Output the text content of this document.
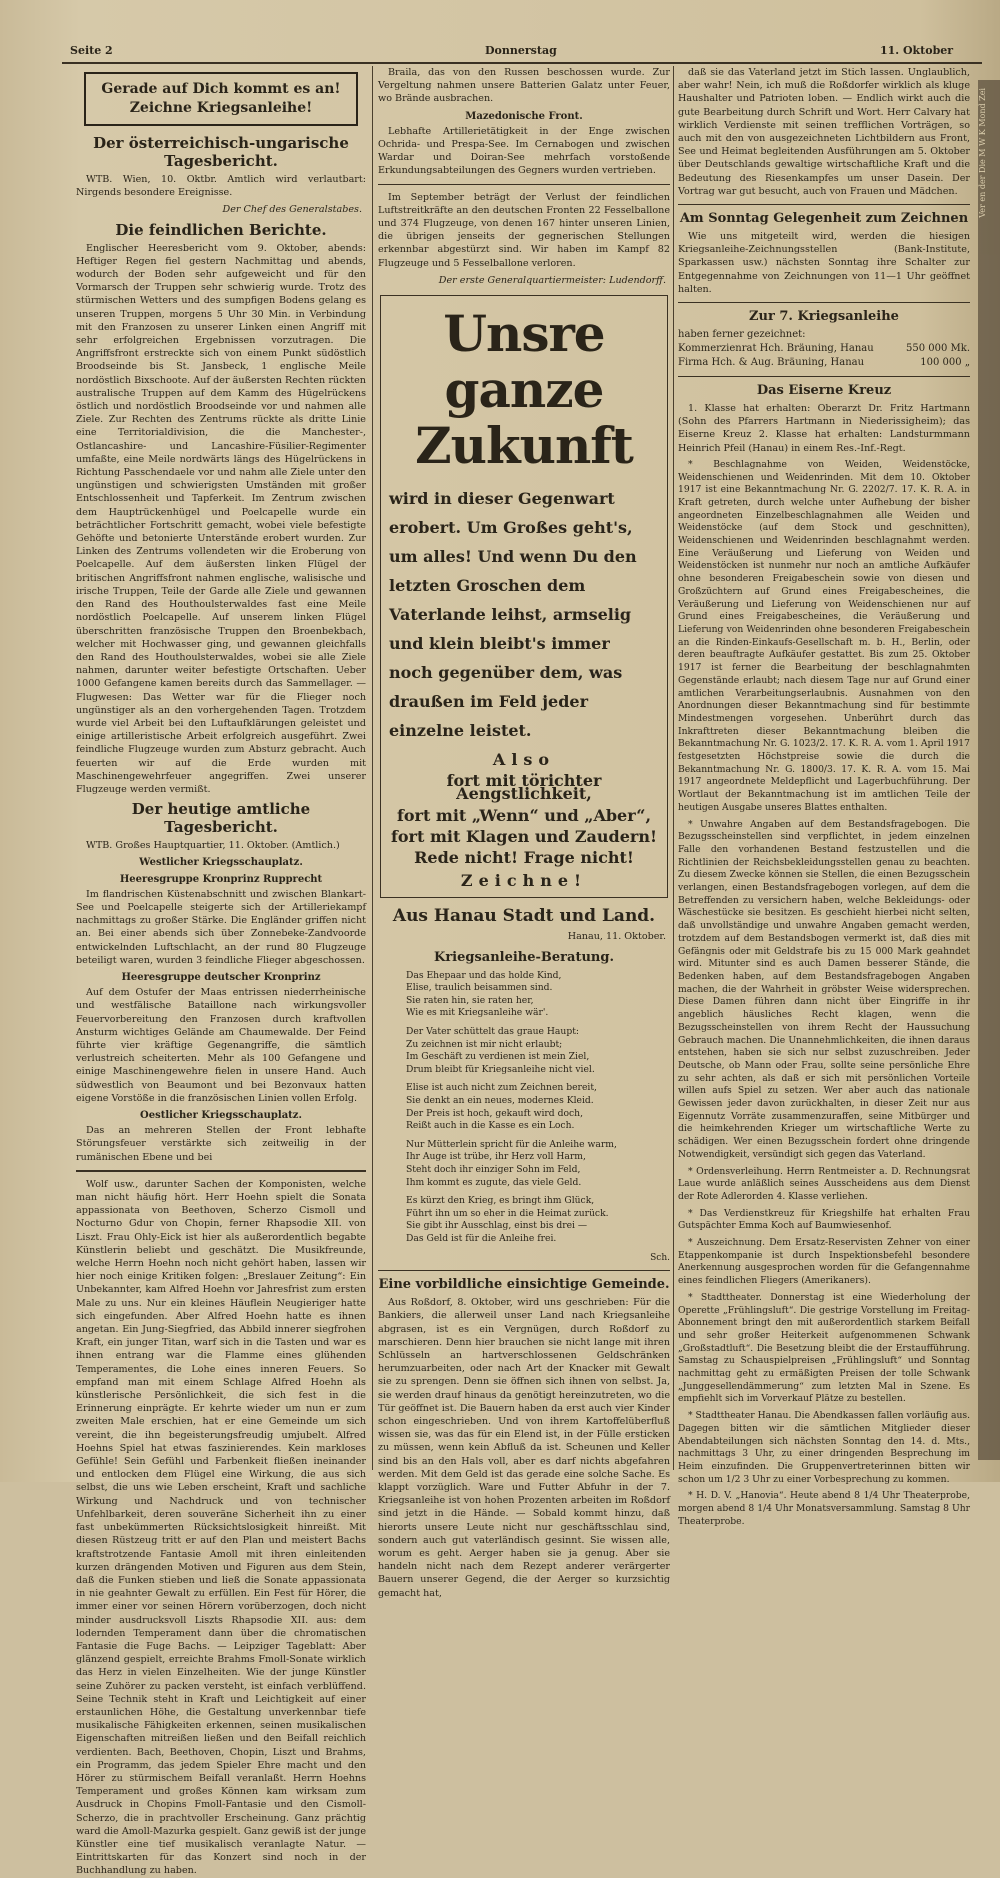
Seite 2	Donnerstag	11. Oktober
Gerade auf Dich kommt es an!
Zeichne Kriegsanleihe!
Der österreichisch-ungarische Tagesbericht.

WTB. Wien, 10. Oktbr. Amtlich wird verlautbart: Nirgends besondere Ereignisse.

Der Chef des Generalstabes.
Die feindlichen Berichte.

Englischer Heeresbericht vom 9. Oktober, abends: Heftiger Regen fiel gestern Nachmittag und abends, wodurch der Boden sehr aufgeweicht und für den Vormarsch der Truppen sehr schwierig wurde. Trotz des stürmischen Wetters und des sumpfigen Bodens gelang es unseren Truppen, morgens 5 Uhr 30 Min. in Verbindung mit den Franzosen zu unserer Linken einen Angriff mit sehr erfolgreichen Ergebnissen vorzutragen. Die Angriffsfront erstreckte sich von einem Punkt südöstlich Broodseinde bis St. Jansbeck, 1 englische Meile nordöstlich Bixschoote. Auf der äußersten Rechten rückten australische Truppen auf dem Kamm des Hügelrückens östlich und nordöstlich Broodseinde vor und nahmen alle Ziele. Zur Rechten des Zentrums rückte als dritte Linie eine Territorialdivision, die die Manchester-, Ostlancashire- und Lancashire-Füsilier-Regimenter umfaßte, eine Meile nordwärts längs des Hügelrückens in Richtung Passchendaele vor und nahm alle Ziele unter den ungünstigen und schwierigsten Umständen mit großer Entschlossenheit und Tapferkeit. Im Zentrum zwischen dem Hauptrückenhügel und Poelcapelle wurde ein beträchtlicher Fortschritt gemacht, wobei viele befestigte Gehöfte und betonierte Unterstände erobert wurden. Zur Linken des Zentrums vollendeten wir die Eroberung von Poelcapelle. Auf dem äußersten linken Flügel der britischen Angriffsfront nahmen englische, walisische und irische Truppen, Teile der Garde alle Ziele und gewannen den Rand des Houthoulsterwaldes fast eine Meile nordöstlich Poelcapelle. Auf unserem linken Flügel überschritten französische Truppen den Broenbekbach, welcher mit Hochwasser ging, und gewannen gleichfalls den Rand des Houthoulsterwaldes, wobei sie alle Ziele nahmen, darunter weiter befestigte Ortschaften. Ueber 1000 Gefangene kamen bereits durch das Sammellager. — Flugwesen: Das Wetter war für die Flieger noch ungünstiger als an den vorhergehenden Tagen. Trotzdem wurde viel Arbeit bei den Luftaufklärungen geleistet und einige artilleristische Arbeit erfolgreich ausgeführt. Zwei feindliche Flugzeuge wurden zum Absturz gebracht. Auch feuerten wir auf die Erde wurden mit Maschinengewehrfeuer angegriffen. Zwei unserer Flugzeuge werden vermißt.

Der heutige amtliche Tagesbericht.

WTB. Großes Hauptquartier, 11. Oktober. (Amtlich.)

Westlicher Kriegsschauplatz.
Heeresgruppe Kronprinz Rupprecht

Im flandrischen Küstenabschnitt und zwischen Blankart-See und Poelcapelle steigerte sich der Artilleriekampf nachmittags zu großer Stärke. Die Engländer griffen nicht an. Bei einer abends sich über Zonnebeke-Zandvoorde entwickelnden Luftschlacht, an der rund 80 Flugzeuge beteiligt waren, wurden 3 feindliche Flieger abgeschossen.

Heeresgruppe deutscher Kronprinz

Auf dem Ostufer der Maas entrissen niederrheinische und westfälische Bataillone nach wirkungsvoller Feuervorbereitung den Franzosen durch kraftvollen Ansturm wichtiges Gelände am Chaumewalde. Der Feind führte vier kräftige Gegenangriffe, die sämtlich verlustreich scheiterten. Mehr als 100 Gefangene und einige Maschinengewehre fielen in unsere Hand. Auch südwestlich von Beaumont und bei Bezonvaux hatten eigene Vorstöße in die französischen Linien vollen Erfolg.

Oestlicher Kriegsschauplatz.

Das an mehreren Stellen der Front lebhafte Störungsfeuer verstärkte sich zeitweilig in der rumänischen Ebene und bei

Wolf usw., darunter Sachen der Komponisten, welche man nicht häufig hört. Herr Hoehn spielt die Sonata appassionata von Beethoven, Scherzo Cismoll und Nocturno Gdur von Chopin, ferner Rhapsodie XII. von Liszt. Frau Ohly-Eick ist hier als außerordentlich begabte Künstlerin beliebt und geschätzt. Die Musikfreunde, welche Herrn Hoehn noch nicht gehört haben, lassen wir hier noch einige Kritiken folgen: „Breslauer Zeitung“: Ein Unbekannter, kam Alfred Hoehn vor Jahresfrist zum ersten Male zu uns. Nur ein kleines Häuflein Neugieriger hatte sich eingefunden. Aber Alfred Hoehn hatte es ihnen angetan. Ein Jung-Siegfried, das Abbild innerer siegfrohen Kraft, ein junger Titan, warf sich in die Tasten und war es ihnen entrang war die Flamme eines glühenden Temperamentes, die Lohe eines inneren Feuers. So empfand man mit einem Schlage Alfred Hoehn als künstlerische Persönlichkeit, die sich fest in die Erinnerung einprägte. Er kehrte wieder um nun er zum zweiten Male erschien, hat er eine Gemeinde um sich vereint, die ihn begeisterungsfreudig umjubelt. Alfred Hoehns Spiel hat etwas faszinierendes. Kein markloses Gefühle! Sein Gefühl und Farbenkeit fließen ineinander und entlocken dem Flügel eine Wirkung, die aus sich selbst, die uns wie Leben erscheint, Kraft und sachliche Wirkung und Nachdruck und von technischer Unfehlbarkeit, deren souveräne Sicherheit ihn zu einer fast unbekümmerten Rücksichtslosigkeit hinreißt. Mit diesen Rüstzeug tritt er auf den Plan und meistert Bachs kraftstrotzende Fantasie Amoll mit ihren einleitenden kurzen drängenden Motiven und Figuren aus dem Stein, daß die Funken stieben und ließ die Sonate appassionata in nie geahnter Gewalt zu erfüllen. Ein Fest für Hörer, die immer einer vor seinen Hörern vorüberzogen, doch nicht minder ausdrucksvoll Liszts Rhapsodie XII. aus: dem lodernden Temperament dann über die chromatischen Fantasie die Fuge Bachs. — Leipziger Tageblatt: Aber glänzend gespielt, erreichte Brahms Fmoll-Sonate wirklich das Herz in vielen Einzelheiten. Wie der junge Künstler seine Zuhörer zu packen versteht, ist einfach verblüffend. Seine Technik steht in Kraft und Leichtigkeit auf einer erstaunlichen Höhe, die Gestaltung unverkennbar tiefe musikalische Fähigkeiten erkennen, seinen musikalischen Eigenschaften mitreißen ließen und den Beifall reichlich verdienten. Bach, Beethoven, Chopin, Liszt und Brahms, ein Programm, das jedem Spieler Ehre macht und den Hörer zu stürmischem Beifall veranlaßt. Herrn Hoehns Temperament und großes Können kam wirksam zum Ausdruck in Chopins Fmoll-Fantasie und den Cismoll-Scherzo, die in prachtvoller Erscheinung. Ganz prächtig ward die Amoll-Mazurka gespielt. Ganz gewiß ist der junge Künstler eine tief musikalisch veranlagte Natur. — Eintrittskarten für das Konzert sind noch in der Buchhandlung zu haben.

Braila, das von den Russen beschossen wurde. Zur Vergeltung nahmen unsere Batterien Galatz unter Feuer, wo Brände ausbrachen.

Mazedonische Front.

Lebhafte Artillerietätigkeit in der Enge zwischen Ochrida- und Prespa-See. Im Cernabogen und zwischen Wardar und Doiran-See mehrfach vorstoßende Erkundungsabteilungen des Gegners wurden vertrieben.

Im September beträgt der Verlust der feindlichen Luftstreitkräfte an den deutschen Fronten 22 Fesselballone und 374 Flugzeuge, von denen 167 hinter unseren Linien, die übrigen jenseits der gegnerischen Stellungen erkennbar abgestürzt sind. Wir haben im Kampf 82 Flugzeuge und 5 Fesselballone verloren.

Der erste Generalquartiermeister: Ludendorff.
Unsre ganze
Zukunft
wird in dieser Gegenwart erobert. Um Großes geht's, um alles! Und wenn Du den letzten Groschen dem Vaterlande leihst, armselig und klein bleibt's immer noch gegenüber dem, was draußen im Feld jeder einzelne leistet.
Also
fort mit törichter Aengstlichkeit,
fort mit „Wenn“ und „Aber“,
fort mit Klagen und Zaudern!
Rede nicht! Frage nicht!
Zeichne!
Aus Hanau Stadt und Land.
Hanau, 11. Oktober.
Kriegsanleihe-Beratung.
Das Ehepaar und das holde Kind,
Elise, traulich beisammen sind.
Sie raten hin, sie raten her,
Wie es mit Kriegsanleihe wär'.
Der Vater schüttelt das graue Haupt:
Zu zeichnen ist mir nicht erlaubt;
Im Geschäft zu verdienen ist mein Ziel,
Drum bleibt für Kriegsanleihe nicht viel.
Elise ist auch nicht zum Zeichnen bereit,
Sie denkt an ein neues, modernes Kleid.
Der Preis ist hoch, gekauft wird doch,
Reißt auch in die Kasse es ein Loch.
Nur Mütterlein spricht für die Anleihe warm,
Ihr Auge ist trübe, ihr Herz voll Harm,
Steht doch ihr einziger Sohn im Feld,
Ihm kommt es zugute, das viele Geld.
Es kürzt den Krieg, es bringt ihm Glück,
Führt ihn um so eher in die Heimat zurück.
Sie gibt ihr Ausschlag, einst bis drei —
Das Geld ist für die Anleihe frei.
Sch.
Eine vorbildliche einsichtige Gemeinde.

Aus Roßdorf, 8. Oktober, wird uns geschrieben: Für die Bankiers, die allerweil unser Land nach Kriegsanleihe abgrasen, ist es ein Vergnügen, durch Roßdorf zu marschieren. Denn hier brauchen sie nicht lange mit ihren Schlüsseln an hartverschlossenen Geldschränken herumzuarbeiten, oder nach Art der Knacker mit Gewalt sie zu sprengen. Denn sie öffnen sich ihnen von selbst. Ja, sie werden drauf hinaus da genötigt hereinzutreten, wo die Tür geöffnet ist. Die Bauern haben da erst auch vier Kinder schon eingeschrieben. Und von ihrem Kartoffelüberfluß wissen sie, was das für ein Elend ist, in der Fülle ersticken zu müssen, wenn kein Abfluß da ist. Scheunen und Keller sind bis an den Hals voll, aber es darf nichts abgefahren werden. Mit dem Geld ist das gerade eine solche Sache. Es klappt vorzüglich. Ware und Futter Abfuhr in der 7. Kriegsanleihe ist von hohen Prozenten arbeiten im Roßdorf sind jetzt in die Hände. — Sobald kommt hinzu, daß hierorts unsere Leute nicht nur geschäftsschlau sind, sondern auch gut vaterländisch gesinnt. Sie wissen alle, worum es geht. Aerger haben sie ja genug. Aber sie handeln nicht nach dem Rezept anderer verärgerter Bauern unserer Gegend, die der Aerger so kurzsichtig gemacht hat,

daß sie das Vaterland jetzt im Stich lassen. Unglaublich, aber wahr! Nein, ich muß die Roßdorfer wirklich als kluge Haushalter und Patrioten loben. — Endlich wirkt auch die gute Bearbeitung durch Schrift und Wort. Herr Calvary hat wirklich Verdienste mit seinen trefflichen Vorträgen, so auch mit den von ausgezeichneten Lichtbildern aus Front, See und Heimat begleitenden Ausführungen am 5. Oktober über Deutschlands gewaltige wirtschaftliche Kraft und die Bedeutung des Riesenkampfes um unser Dasein. Der Vortrag war gut besucht, auch von Frauen und Mädchen.

Am Sonntag Gelegenheit zum Zeichnen

Wie uns mitgeteilt wird, werden die hiesigen Kriegsanleihe-Zeichnungsstellen (Bank-Institute, Sparkassen usw.) nächsten Sonntag ihre Schalter zur Entgegennahme von Zeichnungen von 11—1 Uhr geöffnet halten.

Zur 7. Kriegsanleihe
haben ferner gezeichnet:
Kommerzienrat Hch. Bräuning, Hanau	550 000 Mk.
Firma Hch. & Aug. Bräuning, Hanau	100 000 „
Das Eiserne Kreuz

1. Klasse hat erhalten: Oberarzt Dr. Fritz Hartmann (Sohn des Pfarrers Hartmann in Niederissigheim); das Eiserne Kreuz 2. Klasse hat erhalten: Landsturmmann Heinrich Pfeil (Hanau) in einem Res.-Inf.-Regt.

* Beschlagnahme von Weiden, Weidenstöcke, Weidenschienen und Weidenrinden. Mit dem 10. Oktober 1917 ist eine Bekanntmachung Nr. G. 2202/7. 17. K. R. A. in Kraft getreten, durch welche unter Aufhebung der bisher angeordneten Einzelbeschlagnahmen alle Weiden und Weidenstöcke (auf dem Stock und geschnitten), Weidenschienen und Weidenrinden beschlagnahmt werden. Eine Veräußerung und Lieferung von Weiden und Weidenstöcken ist nunmehr nur noch an amtliche Aufkäufer ohne besonderen Freigabeschein sowie von diesen und Großzüchtern auf Grund eines Freigabescheines, die Veräußerung und Lieferung von Weidenschienen nur auf Grund eines Freigabescheines, die Veräußerung und Lieferung von Weidenrinden ohne besonderen Freigabeschein an die Rinden-Einkaufs-Gesellschaft m. b. H., Berlin, oder deren beauftragte Aufkäufer gestattet. Bis zum 25. Oktober 1917 ist ferner die Bearbeitung der beschlagnahmten Gegenstände erlaubt; nach diesem Tage nur auf Grund einer amtlichen Verarbeitungserlaubnis. Ausnahmen von den Anordnungen dieser Bekanntmachung sind für bestimmte Mindestmengen vorgesehen. Unberührt durch das Inkrafttreten dieser Bekanntmachung bleiben die Bekanntmachung Nr. G. 1023/2. 17. K. R. A. vom 1. April 1917 festgesetzten Höchstpreise sowie die durch die Bekanntmachung Nr. G. 1800/3. 17. K. R. A. vom 15. Mai 1917 angeordnete Meldepflicht und Lagerbuchführung. Der Wortlaut der Bekanntmachung ist im amtlichen Teile der heutigen Ausgabe unseres Blattes enthalten.

* Unwahre Angaben auf dem Bestandsfragebogen. Die Bezugsscheinstellen sind verpflichtet, in jedem einzelnen Falle den vorhandenen Bestand festzustellen und die Richtlinien der Reichsbekleidungsstellen genau zu beachten. Zu diesem Zwecke können sie Stellen, die einen Bezugsschein verlangen, einen Bestandsfragebogen vorlegen, auf dem die Betreffenden zu versichern haben, welche Bekleidungs- oder Wäschestücke sie besitzen. Es geschieht hierbei nicht selten, daß unvollständige und unwahre Angaben gemacht werden, trotzdem auf dem Bestandsbogen vermerkt ist, daß dies mit Gefängnis oder mit Geldstrafe bis zu 15 000 Mark geahndet wird. Mitunter sind es auch Damen besserer Stände, die Bedenken haben, auf dem Bestandsfragebogen Angaben machen, die der Wahrheit in gröbster Weise widersprechen. Diese Damen führen dann nicht über Eingriffe in ihr angeblich häusliches Recht klagen, wenn die Bezugsscheinstellen von ihrem Recht der Haussuchung Gebrauch machen. Die Unannehmlichkeiten, die ihnen daraus entstehen, haben sie sich nur selbst zuzuschreiben. Jeder Deutsche, ob Mann oder Frau, sollte seine persönliche Ehre zu sehr achten, als daß er sich mit persönlichen Vorteile willen aufs Spiel zu setzen. Wer aber auch das nationale Gewissen jeder davon zurückhalten, in dieser Zeit nur aus Eigennutz Vorräte zusammenzuraffen, seine Mitbürger und die heimkehrenden Krieger um wirtschaftliche Werte zu schädigen. Wer einen Bezugsschein fordert ohne dringende Notwendigkeit, versündigt sich gegen das Vaterland.

* Ordensverleihung. Herrn Rentmeister a. D. Rechnungsrat Laue wurde anläßlich seines Ausscheidens aus dem Dienst der Rote Adlerorden 4. Klasse verliehen.

* Das Verdienstkreuz für Kriegshilfe hat erhalten Frau Gutspächter Emma Koch auf Baumwiesenhof.

* Auszeichnung. Dem Ersatz-Reservisten Zehner von einer Etappenkompanie ist durch Inspektionsbefehl besondere Anerkennung ausgesprochen worden für die Gefangennahme eines feindlichen Fliegers (Amerikaners).

* Stadttheater. Donnerstag ist eine Wiederholung der Operette „Frühlingsluft“. Die gestrige Vorstellung im Freitag-Abonnement bringt den mit außerordentlich starkem Beifall und sehr großer Heiterkeit aufgenommenen Schwank „Großstadtluft“. Die Besetzung bleibt die der Erstaufführung. Samstag zu Schauspielpreisen „Frühlingsluft“ und Sonntag nachmittag geht zu ermäßigten Preisen der tolle Schwank „Junggesellendämmerung“ zum letzten Mal in Szene. Es empfiehlt sich im Vorverkauf Plätze zu bestellen.

* Stadttheater Hanau. Die Abendkassen fallen vorläufig aus. Dagegen bitten wir die sämtlichen Mitglieder dieser Abendabteilungen sich nächsten Sonntag den 14. d. Mts., nachmittags 3 Uhr, zu einer dringenden Besprechung im Heim einzufinden. Die Gruppenvertreterinnen bitten wir schon um 1/2 3 Uhr zu einer Vorbesprechung zu kommen.

* H. D. V. „Hanovia“. Heute abend 8 1/4 Uhr Theaterprobe, morgen abend 8 1/4 Uhr Monatsversammlung. Samstag 8 Uhr Theaterprobe.

Ver en der Die M W K Mond Zei
